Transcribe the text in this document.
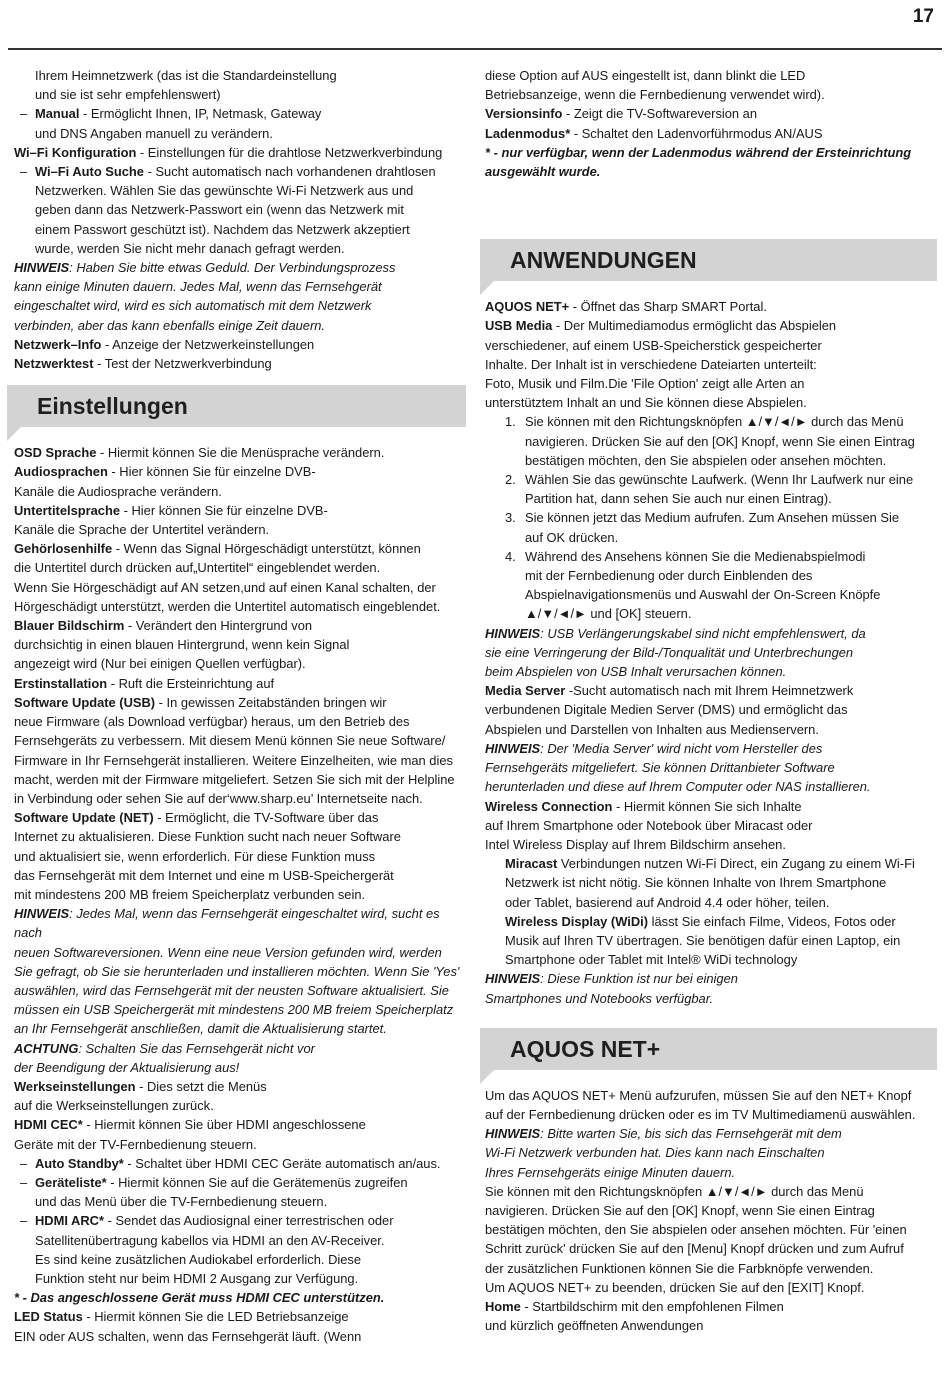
17

Ihrem Heimnetzwerk (das ist die Standardeinstellung

und sie ist sehr empfehlenswert)

– Manual - Ermöglicht Ihnen, IP, Netmask, Gateway

und DNS Angaben manuell zu verändern.

Wi–Fi Konfiguration - Einstellungen für die drahtlose Netzwerkverbindung

– Wi–Fi Auto Suche - Sucht automatisch nach vorhandenen drahtlosen

Netzwerken. Wählen Sie das gewünschte Wi-Fi Netzwerk aus und

geben dann das Netzwerk-Passwort ein (wenn das Netzwerk mit

einem Passwort geschützt ist). Nachdem das Netzwerk akzeptiert

wurde, werden Sie nicht mehr danach gefragt werden.

HINWEIS: Haben Sie bitte etwas Geduld. Der Verbindungsprozess

kann einige Minuten dauern. Jedes Mal, wenn das Fernsehgerät

eingeschaltet wird, wird es sich automatisch mit dem Netzwerk

verbinden, aber das kann ebenfalls einige Zeit dauern.

Netzwerk–Info - Anzeige der Netzwerkeinstellungen

Netzwerktest - Test der Netzwerkverbindung

Einstellungen

OSD Sprache - Hiermit können Sie die Menüsprache verändern.

Audiosprachen - Hier können Sie für einzelne DVB-

Kanäle die Audiosprache verändern.

Untertitelsprache - Hier können Sie für einzelne DVB-

Kanäle die Sprache der Untertitel verändern.

Gehörlosenhilfe - Wenn das Signal Hörgeschädigt unterstützt, können

die Untertitel durch drücken auf„Untertitel“ eingeblendet werden.

Wenn Sie Hörgeschädigt auf AN setzen,und auf einen Kanal schalten, der

Hörgeschädigt unterstützt, werden die Untertitel automatisch eingeblendet.

Blauer Bildschirm - Verändert den Hintergrund von

durchsichtig in einen blauen Hintergrund, wenn kein Signal

angezeigt wird (Nur bei einigen Quellen verfügbar).

Erstinstallation - Ruft die Ersteinrichtung auf

Software Update (USB) - In gewissen Zeitabständen bringen wir

neue Firmware (als Download verfügbar) heraus, um den Betrieb des

Fernsehgeräts zu verbessern. Mit diesem Menü können Sie neue Software/

Firmware in Ihr Fernsehgerät installieren. Weitere Einzelheiten, wie man dies

macht, werden mit der Firmware mitgeliefert. Setzen Sie sich mit der Helpline

in Verbindung oder sehen Sie auf der‘www.sharp.eu’ Internetseite nach.

Software Update (NET) - Ermöglicht, die TV-Software über das

Internet zu aktualisieren. Diese Funktion sucht nach neuer Software

und aktualisiert sie, wenn erforderlich. Für diese Funktion muss

das Fernsehgerät mit dem Internet und eine m USB-Speichergerät

mit mindestens 200 MB freiem Speicherplatz verbunden sein.

HINWEIS: Jedes Mal, wenn das Fernsehgerät eingeschaltet wird, sucht es nach

neuen Softwareversionen. Wenn eine neue Version gefunden wird, werden

Sie gefragt, ob Sie sie herunterladen und installieren möchten. Wenn Sie 'Yes'

auswählen, wird das Fernsehgerät mit der neusten Software aktualisiert. Sie

müssen ein USB Speichergerät mit mindestens 200 MB freiem Speicherplatz

an Ihr Fernsehgerät anschließen, damit die Aktualisierung startet.

ACHTUNG: Schalten Sie das Fernsehgerät nicht vor

der Beendigung der Aktualisierung aus!

Werkseinstellungen - Dies setzt die Menüs

auf die Werkseinstellungen zurück.

HDMI CEC* - Hiermit können Sie über HDMI angeschlossene

Geräte mit der TV-Fernbedienung steuern.

– Auto Standby* - Schaltet über HDMI CEC Geräte automatisch an/aus.

– Geräteliste* - Hiermit können Sie auf die Gerätemenüs zugreifen

und das Menü über die TV-Fernbedienung steuern.

– HDMI ARC* - Sendet das Audiosignal einer terrestrischen oder

Satellitenübertragung kabellos via HDMI an den AV-Receiver.

Es sind keine zusätzlichen Audiokabel erforderlich. Diese

Funktion steht nur beim HDMI 2 Ausgang zur Verfügung.

* - Das angeschlossene Gerät muss HDMI CEC unterstützen.

LED Status - Hiermit können Sie die LED Betriebsanzeige

EIN oder AUS schalten, wenn das Fernsehgerät läuft. (Wenn

diese Option auf AUS eingestellt ist, dann blinkt die LED

Betriebsanzeige, wenn die Fernbedienung verwendet wird).

Versionsinfo - Zeigt die TV-Softwareversion an

Ladenmodus* - Schaltet den Ladenvorführmodus AN/AUS

* - nur verfügbar, wenn der Ladenmodus während der Ersteinrichtung

ausgewählt wurde.

ANWENDUNGEN

AQUOS NET+ - Öffnet das Sharp SMART Portal.

USB Media - Der Multimediamodus ermöglicht das Abspielen

verschiedener, auf einem USB-Speicherstick gespeicherter

Inhalte. Der Inhalt ist in verschiedene Dateiarten unterteilt:

Foto, Musik und Film.Die 'File Option' zeigt alle Arten an

unterstütztem Inhalt an und Sie können diese Abspielen.

1. Sie können mit den Richtungsknöpfen ▲/▼/◄/► durch das Menü

navigieren. Drücken Sie auf den [OK] Knopf, wenn Sie einen Eintrag

bestätigen möchten, den Sie abspielen oder ansehen möchten.

2. Wählen Sie das gewünschte Laufwerk. (Wenn Ihr Laufwerk nur eine

Partition hat, dann sehen Sie auch nur einen Eintrag).

3. Sie können jetzt das Medium aufrufen. Zum Ansehen müssen Sie

auf OK drücken.

4. Während des Ansehens können Sie die Medienabspielmodi

mit der Fernbedienung oder durch Einblenden des

Abspielnavigationsmenüs und Auswahl der On-Screen Knöpfe

▲/▼/◄/► und [OK] steuern.

HINWEIS: USB Verlängerungskabel sind nicht empfehlenswert, da

sie eine Verringerung der Bild-/Tonqualität und Unterbrechungen

beim Abspielen von USB Inhalt verursachen können.

Media Server -Sucht automatisch nach mit Ihrem Heimnetzwerk

verbundenen Digitale Medien Server (DMS) und ermöglicht das

Abspielen und Darstellen von Inhalten aus Medienservern.

HINWEIS: Der 'Media Server' wird nicht vom Hersteller des

Fernsehgeräts mitgeliefert. Sie können Drittanbieter Software

herunterladen und diese auf Ihrem Computer oder NAS installieren.

Wireless Connection - Hiermit können Sie sich Inhalte

auf Ihrem Smartphone oder Notebook über Miracast oder

Intel Wireless Display auf Ihrem Bildschirm ansehen.

Miracast Verbindungen nutzen Wi-Fi Direct, ein Zugang zu einem Wi-Fi

Netzwerk ist nicht nötig. Sie können Inhalte von Ihrem Smartphone

oder Tablet, basierend auf Android 4.4 oder höher, teilen.

Wireless Display (WiDi) lässt Sie einfach Filme, Videos, Fotos oder

Musik auf Ihren TV übertragen. Sie benötigen dafür einen Laptop, ein

Smartphone oder Tablet mit Intel® WiDi technology

HINWEIS: Diese Funktion ist nur bei einigen

Smartphones und Notebooks verfügbar.

AQUOS NET+

Um das AQUOS NET+ Menü aufzurufen, müssen Sie auf den NET+ Knopf

auf der Fernbedienung drücken oder es im TV Multimediamenü auswählen.

HINWEIS: Bitte warten Sie, bis sich das Fernsehgerät mit dem

Wi-Fi Netzwerk verbunden hat. Dies kann nach Einschalten

Ihres Fernsehgeräts einige Minuten dauern.

Sie können mit den Richtungsknöpfen ▲/▼/◄/► durch das Menü

navigieren. Drücken Sie auf den [OK] Knopf, wenn Sie einen Eintrag

bestätigen möchten, den Sie abspielen oder ansehen möchten. Für 'einen

Schritt zurück' drücken Sie auf den [Menu] Knopf drücken und zum Aufruf

der zusätzlichen Funktionen können Sie die Farbknöpfe verwenden.

Um AQUOS NET+ zu beenden, drücken Sie auf den [EXIT] Knopf.

Home - Startbildschirm mit den empfohlenen Filmen

und kürzlich geöffneten Anwendungen
